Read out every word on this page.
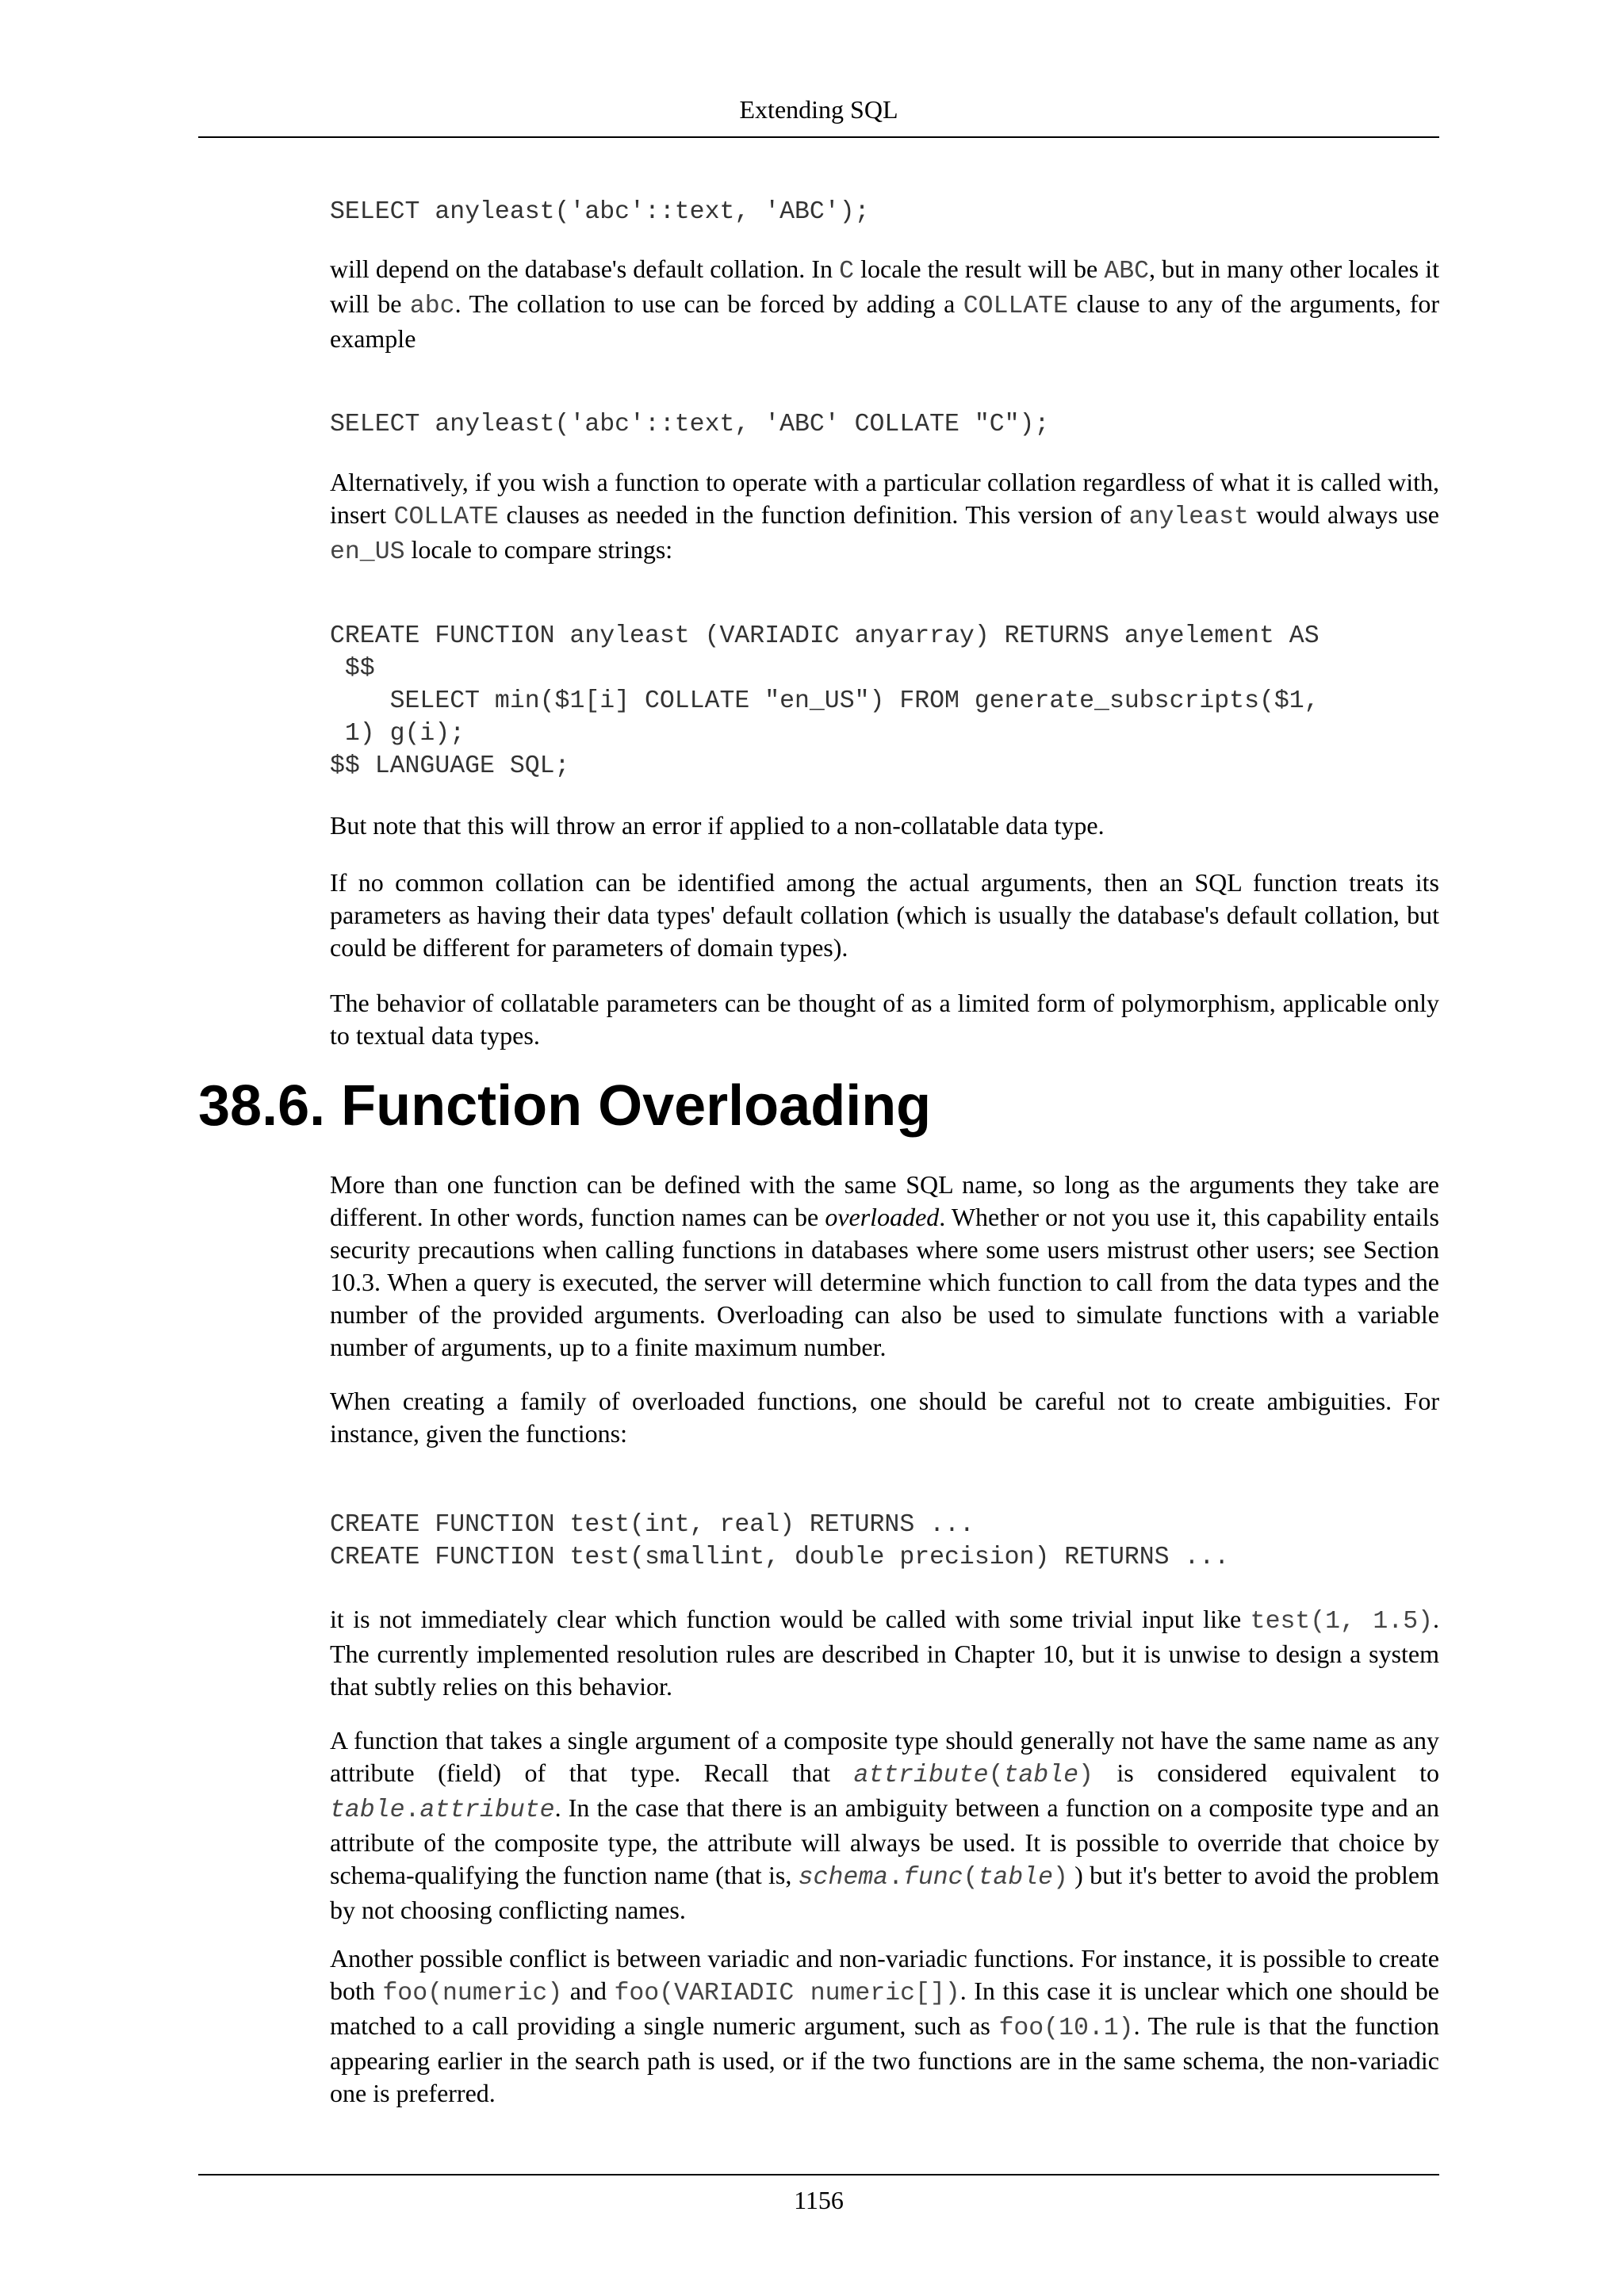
Extending SQL
SELECT anyleast('abc'::text, 'ABC');

will depend on the database's default collation. In C locale the result will be ABC, but in many other locales it will be abc. The collation to use can be forced by adding a COLLATE clause to any of the arguments, for example

SELECT anyleast('abc'::text, 'ABC' COLLATE "C");

Alternatively, if you wish a function to operate with a particular collation regardless of what it is called with, insert COLLATE clauses as needed in the function definition. This version of anyleast would always use en_US locale to compare strings:

CREATE FUNCTION anyleast (VARIADIC anyarray) RETURNS anyelement AS
$$
SELECT min($1[i] COLLATE "en_US") FROM generate_subscripts($1,
1) g(i);
$$ LANGUAGE SQL;

But note that this will throw an error if applied to a non-collatable data type.

If no common collation can be identified among the actual arguments, then an SQL function treats its parameters as having their data types' default collation (which is usually the database's default collation, but could be different for parameters of domain types).

The behavior of collatable parameters can be thought of as a limited form of polymorphism, applicable only to textual data types.

38.6. Function Overloading

More than one function can be defined with the same SQL name, so long as the arguments they take are different. In other words, function names can be overloaded. Whether or not you use it, this capability entails security precautions when calling functions in databases where some users mistrust other users; see Section 10.3. When a query is executed, the server will determine which function to call from the data types and the number of the provided arguments. Overloading can also be used to simulate functions with a variable number of arguments, up to a finite maximum number.

When creating a family of overloaded functions, one should be careful not to create ambiguities. For instance, given the functions:

CREATE FUNCTION test(int, real) RETURNS ...
CREATE FUNCTION test(smallint, double precision) RETURNS ...

it is not immediately clear which function would be called with some trivial input like test(1, 1.5). The currently implemented resolution rules are described in Chapter 10, but it is unwise to design a system that subtly relies on this behavior.

A function that takes a single argument of a composite type should generally not have the same name as any attribute (field) of that type. Recall that attribute(table) is considered equivalent to table.attribute. In the case that there is an ambiguity between a function on a composite type and an attribute of the composite type, the attribute will always be used. It is possible to override that choice by schema-qualifying the function name (that is, schema.func(table) ) but it's better to avoid the problem by not choosing conflicting names.

Another possible conflict is between variadic and non-variadic functions. For instance, it is possible to create both foo(numeric) and foo(VARIADIC numeric[]). In this case it is unclear which one should be matched to a call providing a single numeric argument, such as foo(10.1). The rule is that the function appearing earlier in the search path is used, or if the two functions are in the same schema, the non-variadic one is preferred.

1156
